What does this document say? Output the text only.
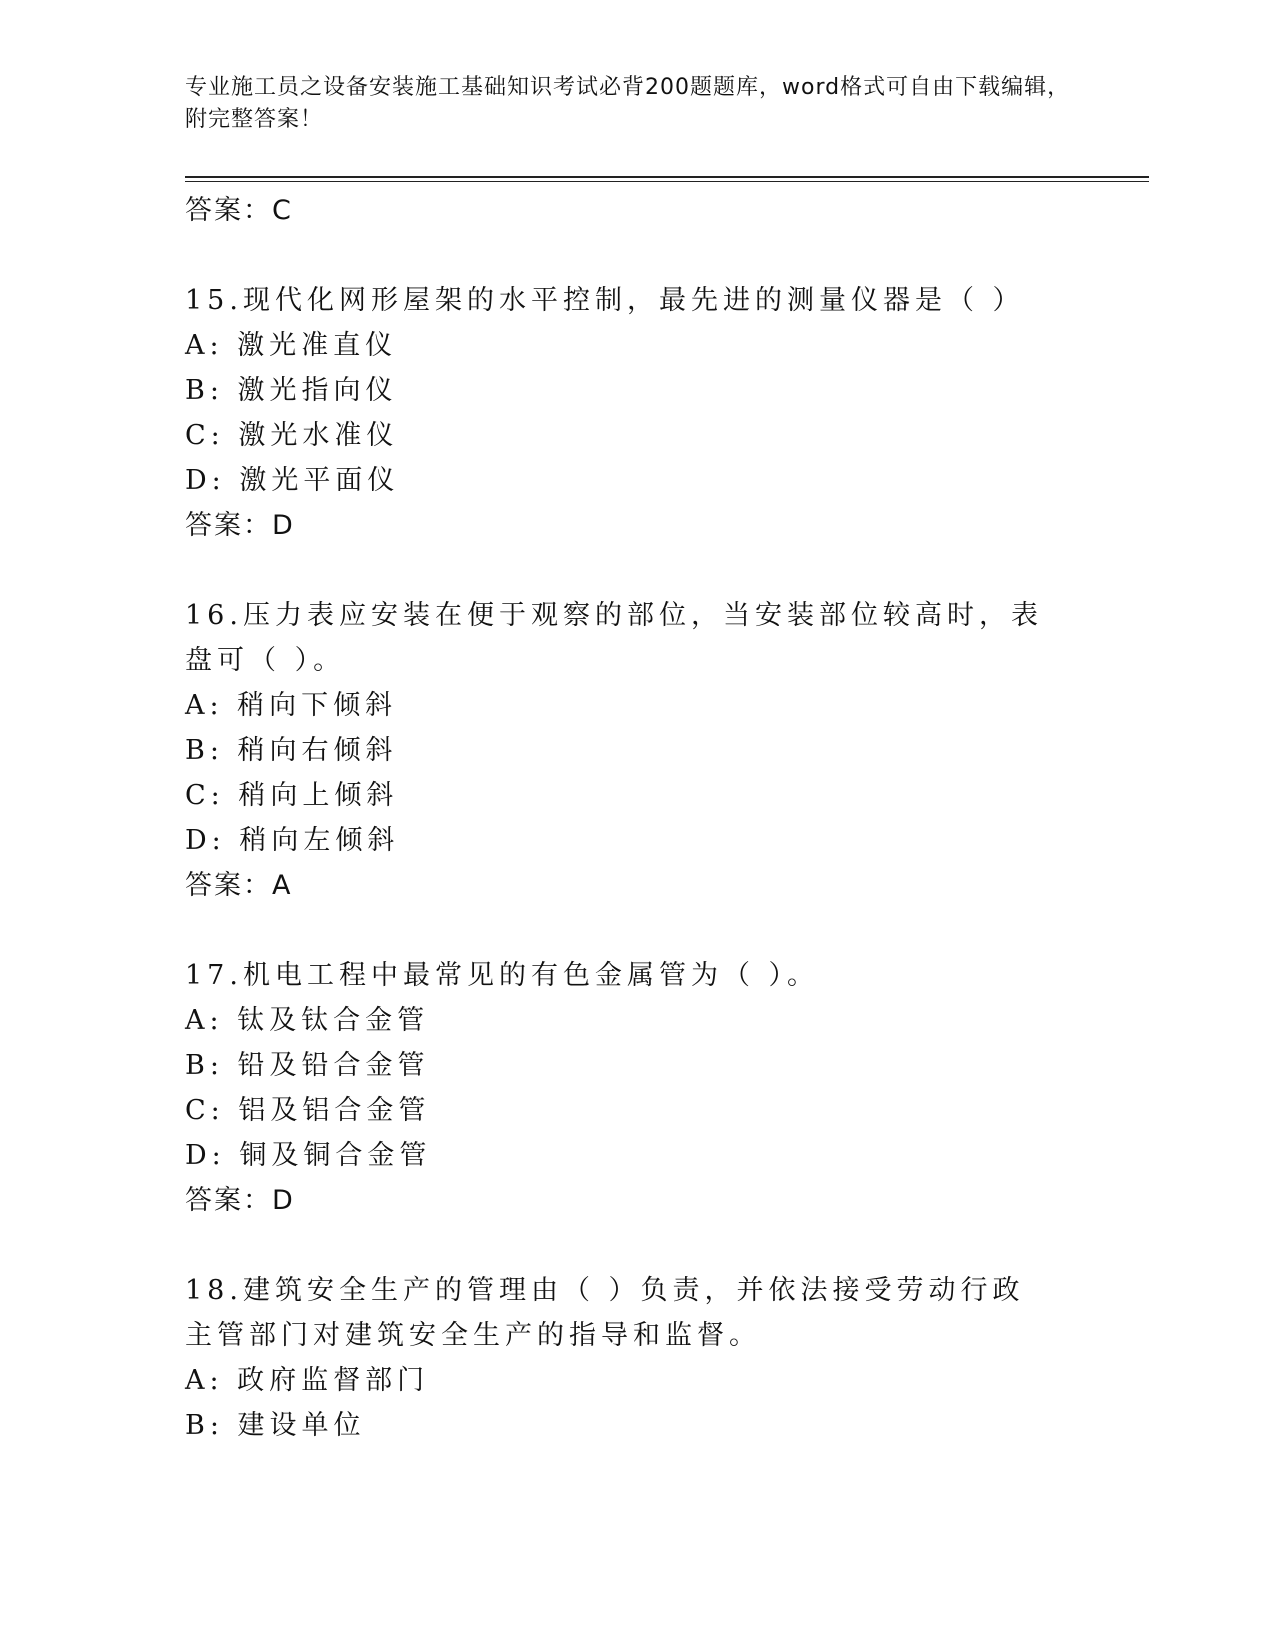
专业施工员之设备安装施工基础知识考试必背200题题库，word格式可自由下载编辑，附完整答案！
答案：C
15.现代化网形屋架的水平控制，最先进的测量仪器是（ ）
A: 激光准直仪
B: 激光指向仪
C: 激光水准仪
D: 激光平面仪
答案：D
16.压力表应安装在便于观察的部位，当安装部位较高时，表盘可（ ）。
A: 稍向下倾斜
B: 稍向右倾斜
C: 稍向上倾斜
D: 稍向左倾斜
答案：A
17.机电工程中最常见的有色金属管为（ ）。
A: 钛及钛合金管
B: 铅及铅合金管
C: 铝及铝合金管
D: 铜及铜合金管
答案：D
18.建筑安全生产的管理由（ ）负责，并依法接受劳动行政主管部门对建筑安全生产的指导和监督。
A: 政府监督部门
B: 建设单位
